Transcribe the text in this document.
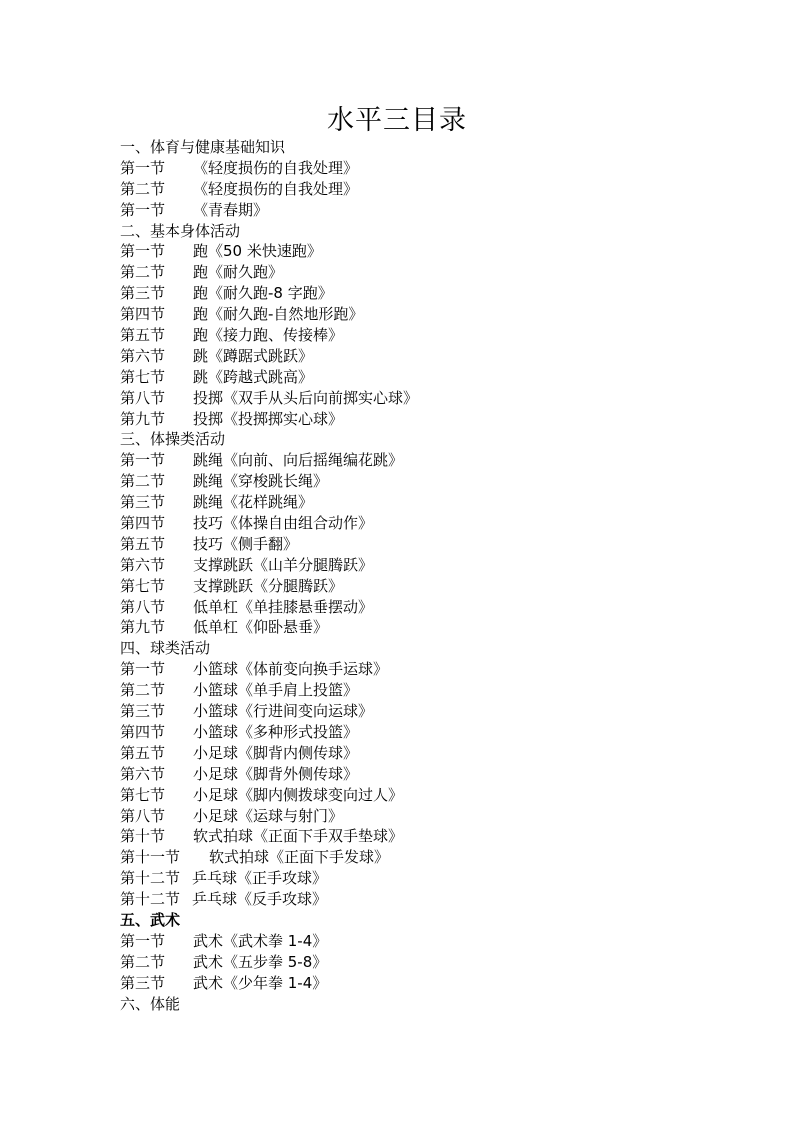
水平三目录
一、体育与健康基础知识
第一节 《轻度损伤的自我处理》
第二节 《轻度损伤的自我处理》
第一节 《青春期》
二、基本身体活动
第一节 跑《50 米快速跑》
第二节 跑《耐久跑》
第三节 跑《耐久跑-8 字跑》
第四节 跑《耐久跑-自然地形跑》
第五节 跑《接力跑、传接棒》
第六节 跳《蹲踞式跳跃》
第七节 跳《跨越式跳高》
第八节 投掷《双手从头后向前掷实心球》
第九节 投掷《投掷掷实心球》
三、体操类活动
第一节 跳绳《向前、向后摇绳编花跳》
第二节 跳绳《穿梭跳长绳》
第三节 跳绳《花样跳绳》
第四节 技巧《体操自由组合动作》
第五节 技巧《侧手翻》
第六节 支撑跳跃《山羊分腿腾跃》
第七节 支撑跳跃《分腿腾跃》
第八节 低单杠《单挂膝悬垂摆动》
第九节 低单杠《仰卧悬垂》
四、球类活动
第一节 小篮球《体前变向换手运球》
第二节 小篮球《单手肩上投篮》
第三节 小篮球《行进间变向运球》
第四节 小篮球《多种形式投篮》
第五节 小足球《脚背内侧传球》
第六节 小足球《脚背外侧传球》
第七节 小足球《脚内侧拨球变向过人》
第八节 小足球《运球与射门》
第十节 软式拍球《正面下手双手垫球》
第十一节 软式拍球《正面下手发球》
第十二节 乒乓球《正手攻球》
第十二节 乒乓球《反手攻球》
五、武术
第一节 武术《武术拳 1-4》
第二节 武术《五步拳 5-8》
第三节 武术《少年拳 1-4》
六、体能
